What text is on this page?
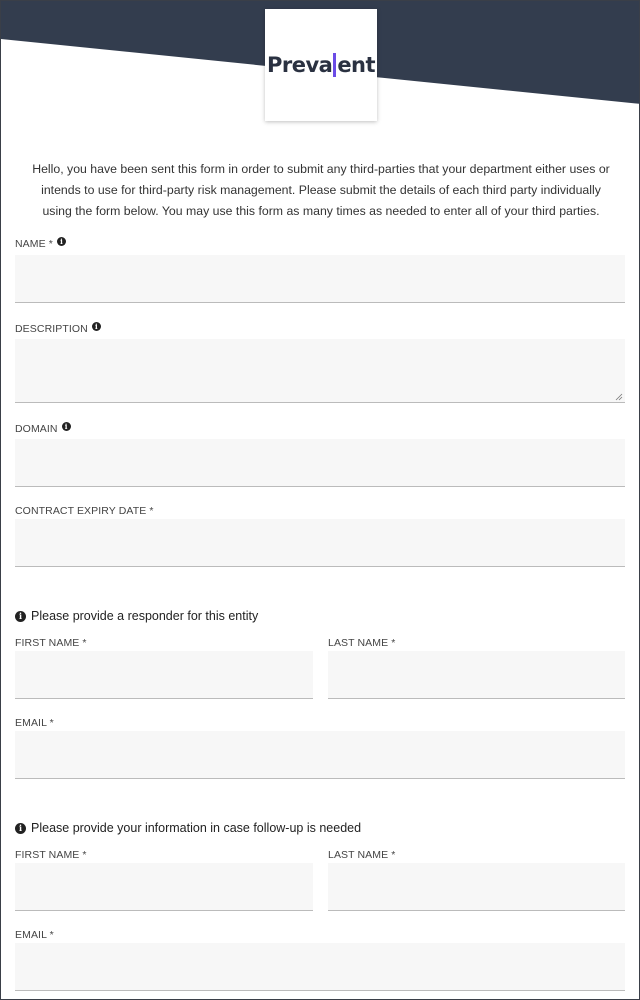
Preva ent
Hello, you have been sent this form in order to submit any third-parties that your department either uses or intends to use for third-party risk management. Please submit the details of each third party individually using the form below. You may use this form as many times as needed to enter all of your third parties.
NAME *	i
DESCRIPTION	i
DOMAIN	i
CONTRACT EXPIRY DATE *
i Please provide a responder for this entity
FIRST NAME *	LAST NAME *
EMAIL *
i Please provide your information in case follow-up is needed
FIRST NAME *	LAST NAME *
EMAIL *
